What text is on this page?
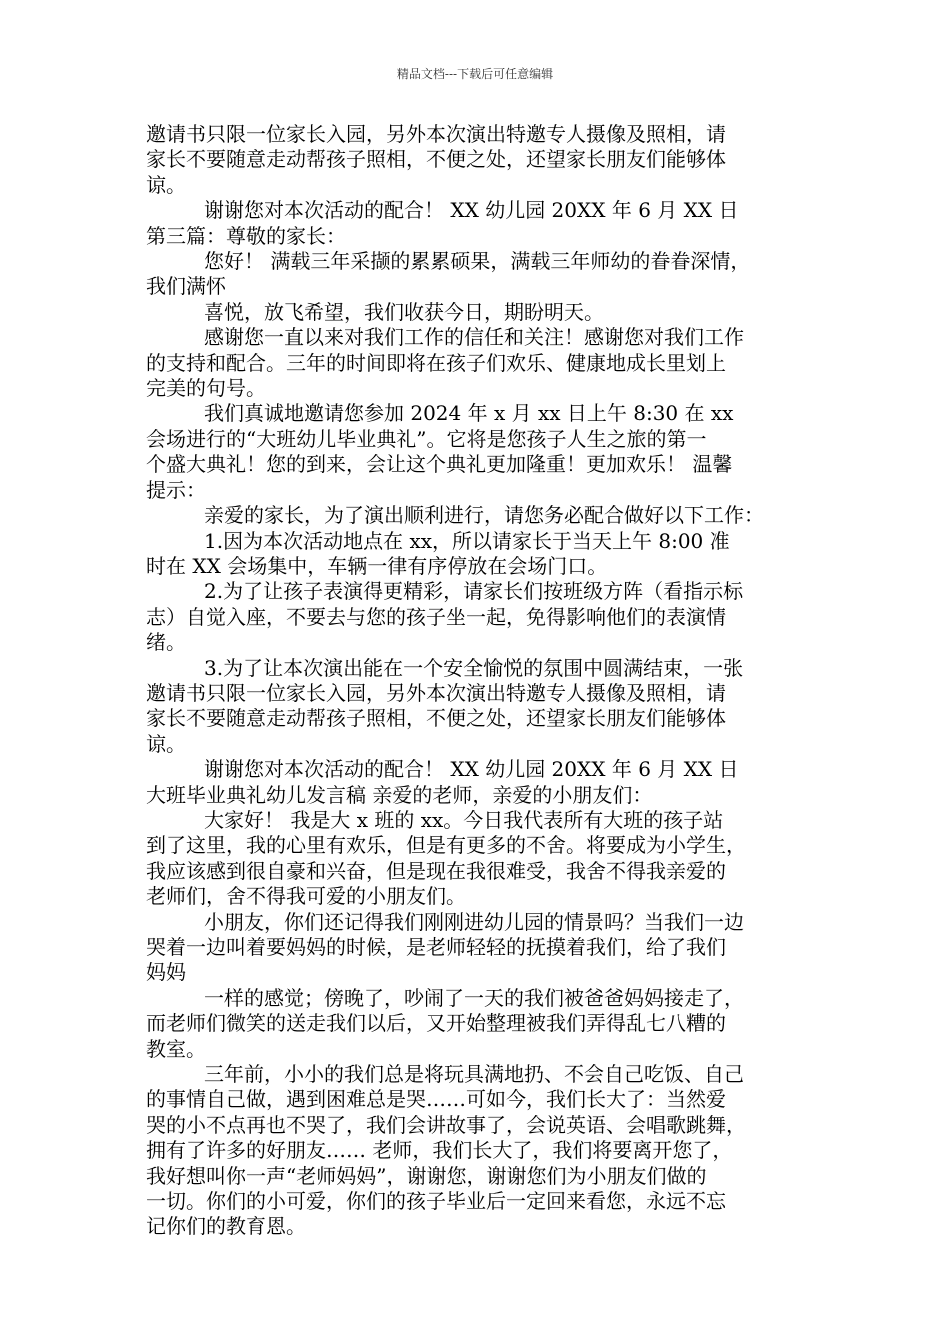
精品文档---下载后可任意编辑

邀请书只限一位家长入园，另外本次演出特邀专人摄像及照相，请

家长不要随意走动帮孩子照相，不便之处，还望家长朋友们能够体

谅。

谢谢您对本次活动的配合！ XX 幼儿园 20XX 年 6 月 XX 日

第三篇：尊敬的家长：

您好！ 满载三年采撷的累累硕果，满载三年师幼的眷眷深情，

我们满怀

喜悦，放飞希望，我们收获今日，期盼明天。

感谢您一直以来对我们工作的信任和关注！感谢您对我们工作

的支持和配合。三年的时间即将在孩子们欢乐、健康地成长里划上

完美的句号。

我们真诚地邀请您参加 2024 年 x 月 xx 日上午 8:30 在 xx

会场进行的“大班幼儿毕业典礼”。它将是您孩子人生之旅的第一

个盛大典礼！您的到来，会让这个典礼更加隆重！更加欢乐！ 温馨

提示：

亲爱的家长，为了演出顺利进行，请您务必配合做好以下工作：

1.因为本次活动地点在 xx，所以请家长于当天上午 8:00 准

时在 XX 会场集中，车辆一律有序停放在会场门口。

2.为了让孩子表演得更精彩，请家长们按班级方阵（看指示标

志）自觉入座，不要去与您的孩子坐一起，免得影响他们的表演情

绪。

3.为了让本次演出能在一个安全愉悦的氛围中圆满结束，一张

邀请书只限一位家长入园，另外本次演出特邀专人摄像及照相，请

家长不要随意走动帮孩子照相，不便之处，还望家长朋友们能够体

谅。

谢谢您对本次活动的配合！ XX 幼儿园 20XX 年 6 月 XX 日

大班毕业典礼幼儿发言稿 亲爱的老师，亲爱的小朋友们：

大家好！ 我是大 x 班的 xx。今日我代表所有大班的孩子站

到了这里，我的心里有欢乐，但是有更多的不舍。将要成为小学生，

我应该感到很自豪和兴奋，但是现在我很难受，我舍不得我亲爱的

老师们，舍不得我可爱的小朋友们。

小朋友，你们还记得我们刚刚进幼儿园的情景吗？当我们一边

哭着一边叫着要妈妈的时候，是老师轻轻的抚摸着我们，给了我们

妈妈

一样的感觉；傍晚了，吵闹了一天的我们被爸爸妈妈接走了，

而老师们微笑的送走我们以后，又开始整理被我们弄得乱七八糟的

教室。

三年前，小小的我们总是将玩具满地扔、不会自己吃饭、自己

的事情自己做，遇到困难总是哭……可如今，我们长大了：当然爱

哭的小不点再也不哭了，我们会讲故事了，会说英语、会唱歌跳舞，

拥有了许多的好朋友…… 老师，我们长大了，我们将要离开您了，

我好想叫你一声“老师妈妈”，谢谢您，谢谢您们为小朋友们做的

一切。你们的小可爱，你们的孩子毕业后一定回来看您，永远不忘

记你们的教育恩。
